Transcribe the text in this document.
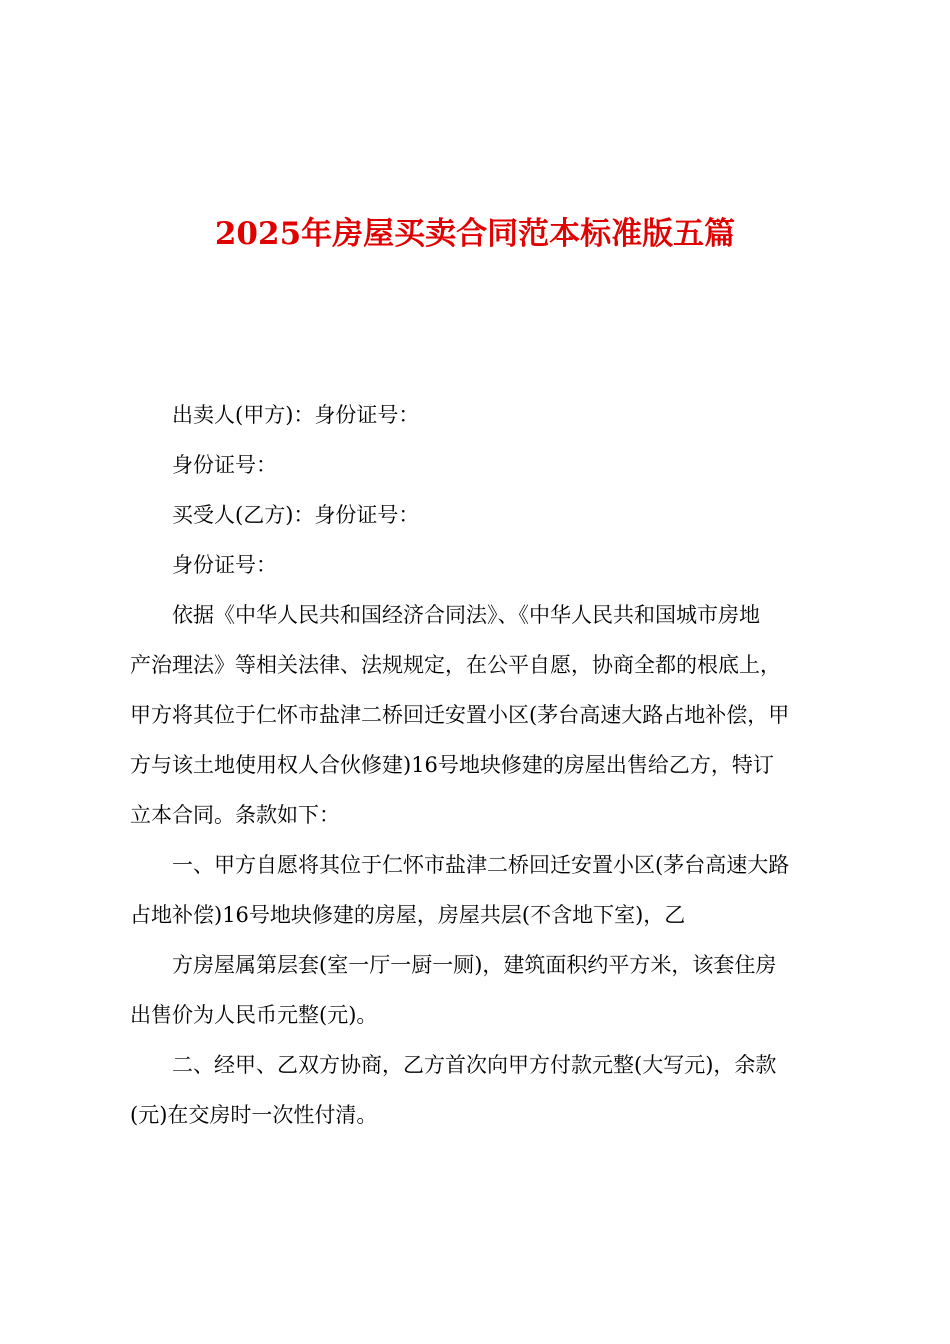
2025年房屋买卖合同范本标准版五篇
出卖人(甲方)：身份证号：
身份证号：
买受人(乙方)：身份证号：
身份证号：
依据《中华人民共和国经济合同法》、《中华人民共和国城市房地
产治理法》等相关法律、法规规定，在公平自愿，协商全都的根底上，
甲方将其位于仁怀市盐津二桥回迁安置小区(茅台高速大路占地补偿，甲
方与该土地使用权人合伙修建)16号地块修建的房屋出售给乙方，特订
立本合同。条款如下：
一、甲方自愿将其位于仁怀市盐津二桥回迁安置小区(茅台高速大路
占地补偿)16号地块修建的房屋，房屋共层(不含地下室)，乙
方房屋属第层套(室一厅一厨一厕)，建筑面积约平方米，该套住房
出售价为人民币元整(元)。
二、经甲、乙双方协商，乙方首次向甲方付款元整(大写元)，余款
(元)在交房时一次性付清。
